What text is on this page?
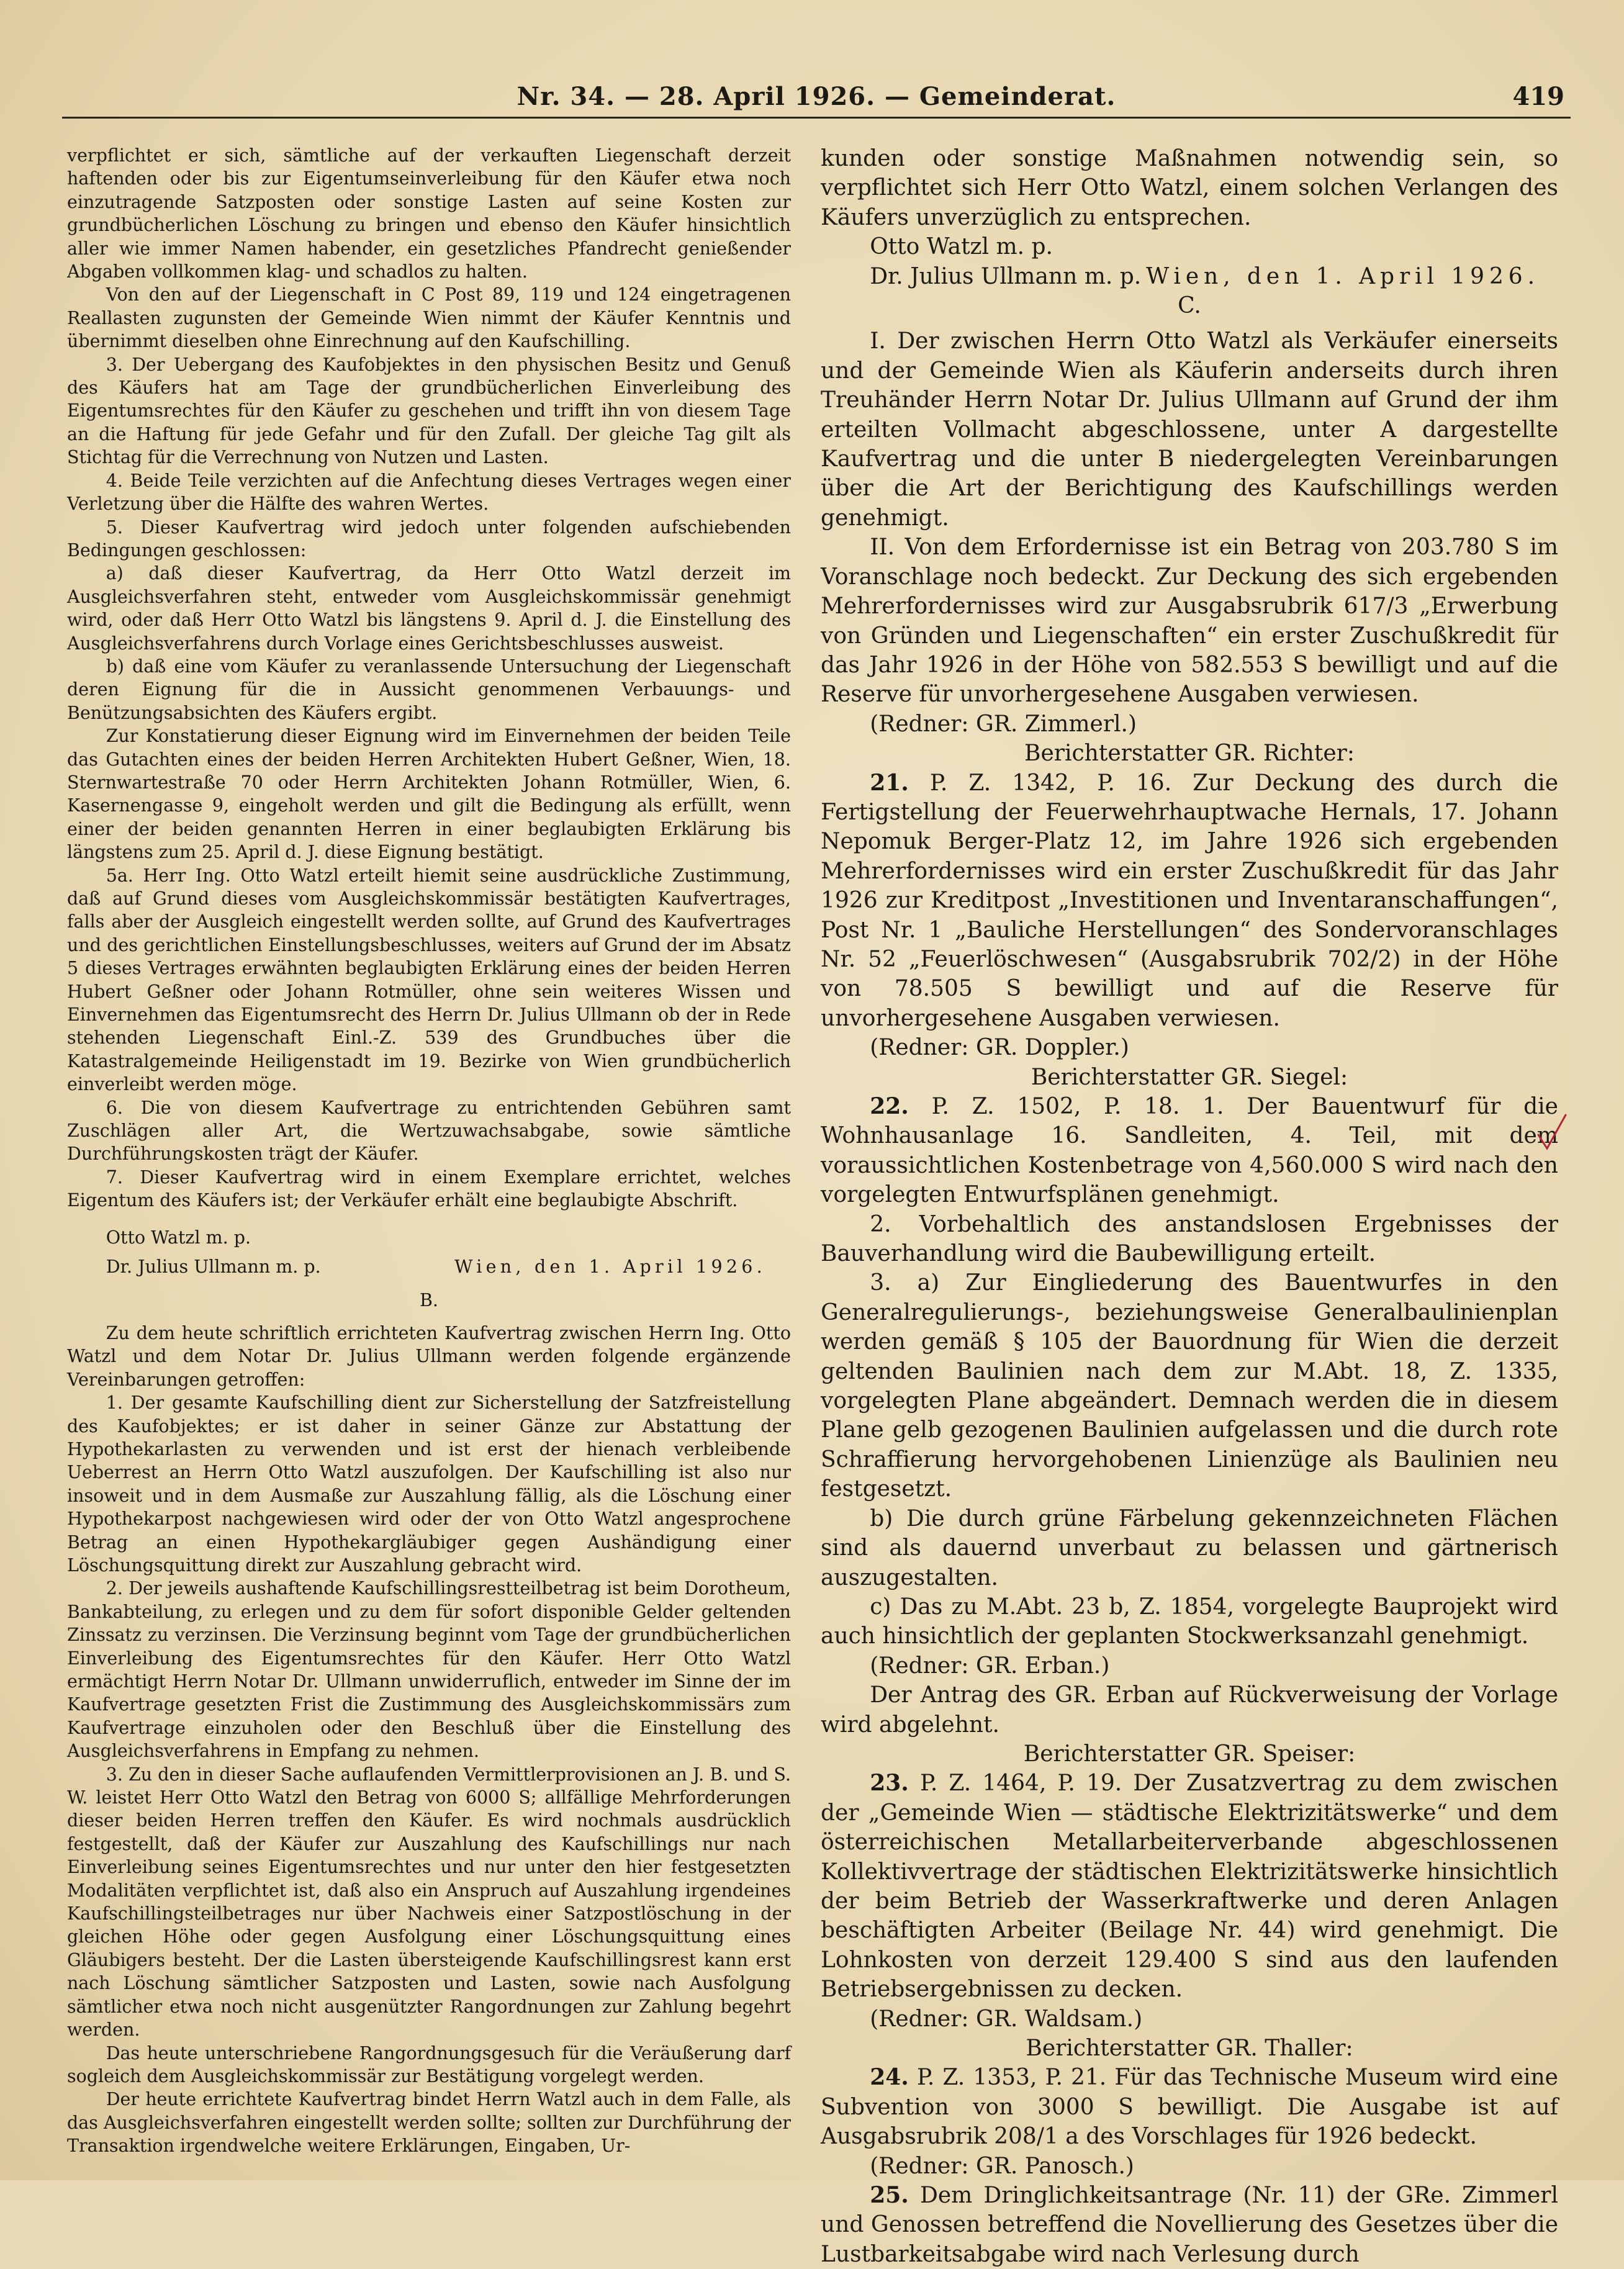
Nr. 34. — 28. April 1926. — Gemeinderat.	419

verpflichtet er sich, sämtliche auf der verkauften Liegenschaft derzeit haftenden oder bis zur Eigentumseinverleibung für den Käufer etwa noch einzutragende Satzposten oder sonstige Lasten auf seine Kosten zur grundbücherlichen Löschung zu bringen und ebenso den Käufer hinsichtlich aller wie immer Namen habender, ein gesetzliches Pfandrecht genießender Abgaben vollkommen klag- und schadlos zu halten.

Von den auf der Liegenschaft in C Post 89, 119 und 124 eingetragenen Reallasten zugunsten der Gemeinde Wien nimmt der Käufer Kenntnis und übernimmt dieselben ohne Einrechnung auf den Kaufschilling.

3. Der Uebergang des Kaufobjektes in den physischen Besitz und Genuß des Käufers hat am Tage der grundbücherlichen Einverleibung des Eigentumsrechtes für den Käufer zu geschehen und trifft ihn von diesem Tage an die Haftung für jede Gefahr und für den Zufall. Der gleiche Tag gilt als Stichtag für die Verrechnung von Nutzen und Lasten.

4. Beide Teile verzichten auf die Anfechtung dieses Vertrages wegen einer Verletzung über die Hälfte des wahren Wertes.

5. Dieser Kaufvertrag wird jedoch unter folgenden aufschiebenden Bedingungen geschlossen:

a) daß dieser Kaufvertrag, da Herr Otto Watzl derzeit im Ausgleichsverfahren steht, entweder vom Ausgleichskommissär genehmigt wird, oder daß Herr Otto Watzl bis längstens 9. April d. J. die Einstellung des Ausgleichsverfahrens durch Vorlage eines Gerichtsbeschlusses ausweist.

b) daß eine vom Käufer zu veranlassende Untersuchung der Liegenschaft deren Eignung für die in Aussicht genommenen Verbauungs- und Benützungsabsichten des Käufers ergibt.

Zur Konstatierung dieser Eignung wird im Einvernehmen der beiden Teile das Gutachten eines der beiden Herren Architekten Hubert Geßner, Wien, 18. Sternwartestraße 70 oder Herrn Architekten Johann Rotmüller, Wien, 6. Kasernengasse 9, eingeholt werden und gilt die Bedingung als erfüllt, wenn einer der beiden genannten Herren in einer beglaubigten Erklärung bis längstens zum 25. April d. J. diese Eignung bestätigt.

5a. Herr Ing. Otto Watzl erteilt hiemit seine ausdrückliche Zustimmung, daß auf Grund dieses vom Ausgleichskommissär bestätigten Kaufvertrages, falls aber der Ausgleich eingestellt werden sollte, auf Grund des Kaufvertrages und des gerichtlichen Einstellungsbeschlusses, weiters auf Grund der im Absatz 5 dieses Vertrages erwähnten beglaubigten Erklärung eines der beiden Herren Hubert Geßner oder Johann Rotmüller, ohne sein weiteres Wissen und Einvernehmen das Eigentumsrecht des Herrn Dr. Julius Ullmann ob der in Rede stehenden Liegenschaft Einl.-Z. 539 des Grundbuches über die Katastralgemeinde Heiligenstadt im 19. Bezirke von Wien grundbücherlich einverleibt werden möge.

6. Die von diesem Kaufvertrage zu entrichtenden Gebühren samt Zuschlägen aller Art, die Wertzuwachsabgabe, sowie sämtliche Durchführungskosten trägt der Käufer.

7. Dieser Kaufvertrag wird in einem Exemplare errichtet, welches Eigentum des Käufers ist; der Verkäufer erhält eine beglaubigte Abschrift.

Otto Watzl m. p.

Dr. Julius Ullmann m. p.	Wien, den 1. April 1926.

B.

Zu dem heute schriftlich errichteten Kaufvertrag zwischen Herrn Ing. Otto Watzl und dem Notar Dr. Julius Ullmann werden folgende ergänzende Vereinbarungen getroffen:

1. Der gesamte Kaufschilling dient zur Sicherstellung der Satzfreistellung des Kaufobjektes; er ist daher in seiner Gänze zur Abstattung der Hypothekarlasten zu verwenden und ist erst der hienach verbleibende Ueberrest an Herrn Otto Watzl auszufolgen. Der Kaufschilling ist also nur insoweit und in dem Ausmaße zur Auszahlung fällig, als die Löschung einer Hypothekarpost nachgewiesen wird oder der von Otto Watzl angesprochene Betrag an einen Hypothekargläubiger gegen Aushändigung einer Löschungsquittung direkt zur Auszahlung gebracht wird.

2. Der jeweils aushaftende Kaufschillingsrestteilbetrag ist beim Dorotheum, Bankabteilung, zu erlegen und zu dem für sofort disponible Gelder geltenden Zinssatz zu verzinsen. Die Verzinsung beginnt vom Tage der grundbücherlichen Einverleibung des Eigentumsrechtes für den Käufer. Herr Otto Watzl ermächtigt Herrn Notar Dr. Ullmann unwiderruflich, entweder im Sinne der im Kaufvertrage gesetzten Frist die Zustimmung des Ausgleichskommissärs zum Kaufvertrage einzuholen oder den Beschluß über die Einstellung des Ausgleichsverfahrens in Empfang zu nehmen.

3. Zu den in dieser Sache auflaufenden Vermittlerprovisionen an J. B. und S. W. leistet Herr Otto Watzl den Betrag von 6000 S; allfällige Mehrforderungen dieser beiden Herren treffen den Käufer. Es wird nochmals ausdrücklich festgestellt, daß der Käufer zur Auszahlung des Kaufschillings nur nach Einverleibung seines Eigentumsrechtes und nur unter den hier festgesetzten Modalitäten verpflichtet ist, daß also ein Anspruch auf Auszahlung irgendeines Kaufschillingsteilbetrages nur über Nachweis einer Satzpostlöschung in der gleichen Höhe oder gegen Ausfolgung einer Löschungsquittung eines Gläubigers besteht. Der die Lasten übersteigende Kaufschillingsrest kann erst nach Löschung sämtlicher Satzposten und Lasten, sowie nach Ausfolgung sämtlicher etwa noch nicht ausgenützter Rangordnungen zur Zahlung begehrt werden.

Das heute unterschriebene Rangordnungsgesuch für die Veräußerung darf sogleich dem Ausgleichskommissär zur Bestätigung vorgelegt werden.

Der heute errichtete Kaufvertrag bindet Herrn Watzl auch in dem Falle, als das Ausgleichsverfahren eingestellt werden sollte; sollten zur Durchführung der Transaktion irgendwelche weitere Erklärungen, Eingaben, Ur-

kunden oder sonstige Maßnahmen notwendig sein, so verpflichtet sich Herr Otto Watzl, einem solchen Verlangen des Käufers unverzüglich zu entsprechen.

Otto Watzl m. p.

Dr. Julius Ullmann m. p. Wien, den 1. April 1926.

C.

I. Der zwischen Herrn Otto Watzl als Verkäufer einerseits und der Gemeinde Wien als Käuferin anderseits durch ihren Treuhänder Herrn Notar Dr. Julius Ullmann auf Grund der ihm erteilten Vollmacht abgeschlossene, unter A dargestellte Kaufvertrag und die unter B niedergelegten Vereinbarungen über die Art der Berichtigung des Kaufschillings werden genehmigt.

II. Von dem Erfordernisse ist ein Betrag von 203.780 S im Voranschlage noch bedeckt. Zur Deckung des sich ergebenden Mehrerfordernisses wird zur Ausgabsrubrik 617/3 „Erwerbung von Gründen und Liegenschaften“ ein erster Zuschußkredit für das Jahr 1926 in der Höhe von 582.553 S bewilligt und auf die Reserve für unvorhergesehene Ausgaben verwiesen.

(Redner: GR. Zimmerl.)

Berichterstatter GR. Richter:

21. P. Z. 1342, P. 16. Zur Deckung des durch die Fertigstellung der Feuerwehrhauptwache Hernals, 17. Johann Nepomuk Berger-Platz 12, im Jahre 1926 sich ergebenden Mehrerfordernisses wird ein erster Zuschußkredit für das Jahr 1926 zur Kreditpost „Investitionen und Inventaranschaffungen“, Post Nr. 1 „Bauliche Herstellungen“ des Sondervoranschlages Nr. 52 „Feuerlöschwesen“ (Ausgabsrubrik 702/2) in der Höhe von 78.505 S bewilligt und auf die Reserve für unvorhergesehene Ausgaben verwiesen.

(Redner: GR. Doppler.)

Berichterstatter GR. Siegel:

22. P. Z. 1502, P. 18. 1. Der Bauentwurf für die Wohnhausanlage 16. Sandleiten, 4. Teil, mit dem voraussichtlichen Kostenbetrage von 4,560.000 S wird nach den vorgelegten Entwurfsplänen genehmigt.

2. Vorbehaltlich des anstandslosen Ergebnisses der Bauverhandlung wird die Baubewilligung erteilt.

3. a) Zur Eingliederung des Bauentwurfes in den Generalregulierungs-, beziehungsweise Generalbaulinienplan werden gemäß § 105 der Bauordnung für Wien die derzeit geltenden Baulinien nach dem zur M.Abt. 18, Z. 1335, vorgelegten Plane abgeändert. Demnach werden die in diesem Plane gelb gezogenen Baulinien aufgelassen und die durch rote Schraffierung hervorgehobenen Linienzüge als Baulinien neu festgesetzt.

b) Die durch grüne Färbelung gekennzeichneten Flächen sind als dauernd unverbaut zu belassen und gärtnerisch auszugestalten.

c) Das zu M.Abt. 23 b, Z. 1854, vorgelegte Bauprojekt wird auch hinsichtlich der geplanten Stockwerksanzahl genehmigt.

(Redner: GR. Erban.)

Der Antrag des GR. Erban auf Rückverweisung der Vorlage wird abgelehnt.

Berichterstatter GR. Speiser:

23. P. Z. 1464, P. 19. Der Zusatzvertrag zu dem zwischen der „Gemeinde Wien — städtische Elektrizitätswerke“ und dem österreichischen Metallarbeiterverbande abgeschlossenen Kollektivvertrage der städtischen Elektrizitätswerke hinsichtlich der beim Betrieb der Wasserkraftwerke und deren Anlagen beschäftigten Arbeiter (Beilage Nr. 44) wird genehmigt. Die Lohnkosten von derzeit 129.400 S sind aus den laufenden Betriebsergebnissen zu decken.

(Redner: GR. Waldsam.)

Berichterstatter GR. Thaller:

24. P. Z. 1353, P. 21. Für das Technische Museum wird eine Subvention von 3000 S bewilligt. Die Ausgabe ist auf Ausgabsrubrik 208/1 a des Vorschlages für 1926 bedeckt.

(Redner: GR. Panosch.)

25. Dem Dringlichkeitsantrage (Nr. 11) der GRe. Zimmerl und Genossen betreffend die Novellierung des Gesetzes über die Lustbarkeitsabgabe wird nach Verlesung durch
